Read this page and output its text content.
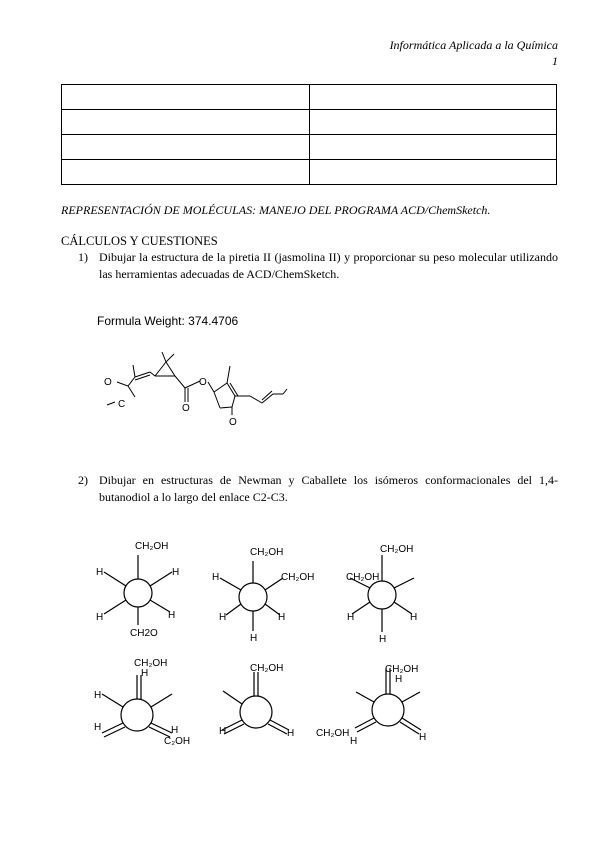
Informática Aplicada a la Química
1

REPRESENTACIÓN DE MOLÉCULAS: MANEJO DEL PROGRAMA ACD/ChemSketch.
CÁLCULOS Y CUESTIONES
1) Dibujar la estructura de la piretia II (jasmolina II) y proporcionar su peso molecular utilizando las herramientas adecuadas de ACD/ChemSketch.
Formula Weight: 374.4706
2) Dibujar en estructuras de Newman y Caballete los isómeros conformacionales del 1,4-butanodiol a lo largo del enlace C2-C3.
O
C
O
O
O
CH₂OH
H	H
H	H
CH2O
CH₂OH
H	CH₂OH
H	H
H
CH₂OH
CH₂OH
H	H
H
CH₂OH
H
H
H	H
C₂OH
CH₂OH
H	H
CH₂OH
H
CH₂OH
H	H
